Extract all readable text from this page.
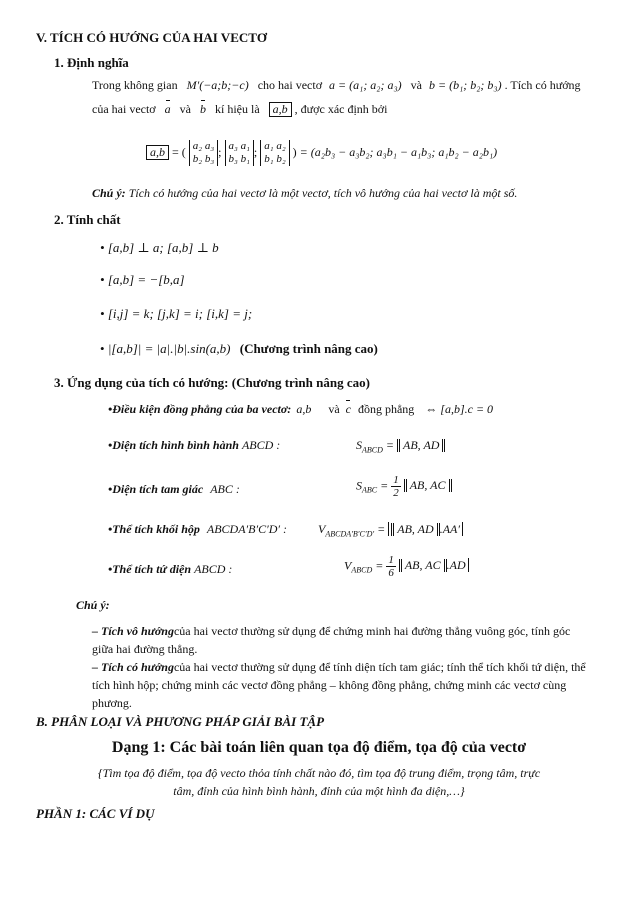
V. TÍCH CÓ HƯỚNG CỦA HAI VECTƠ
1. Định nghĩa
Trong không gian M′(−a;b;−c) cho hai vectơ a = (a₁; a₂; a₃) và b = (b₁; b₂; b₃) . Tích có hướng
của hai vectơ a và b kí hiệu là a,b , được xác định bởi
a,b = ( a₂ a₃
b₂ b₃; a₃ a₁
b₃ b₁; a₁ a₂
b₁ b₂ ) = (a₂b₃ − a₃b₂; a₃b₁ − a₁b₃; a₁b₂ − a₂b₁)
Chú ý: Tích có hướng của hai vectơ là một vectơ, tích vô hướng của hai vectơ là một số.
2. Tính chất
• [a,b] ⊥ a; [a,b] ⊥ b
• [a,b] = −[b,a]
• [i,j] = k; [j,k] = i; [i,k] = j;
• |[a,b]| = |a|.|b|.sin(a,b) (Chương trình nâng cao)
3. Ứng dụng của tích có hướng: (Chương trình nâng cao)
•Điều kiện đồng phẳng của ba vectơ: a,b và c đồng phẳng ⇔ [a,b].c = 0
•Diện tích hình bình hành ABCD :	$S_{ABCD}$ = AB, AD
•Diện tích tam giác ABC :	$S_{ABC} = \frac{1}{2}$ AB, AC
•Thể tích khối hộp ABCDA′B′C′D′ :	$V_{ABCDA'B'C'D'}$ = AB, AD .AA′
•Thể tích tứ diện ABCD :	$V_{ABCD} = \frac{1}{6}$ AB, AC .AD
Chú ý:
– Tích vô hướngcủa hai vectơ thường sử dụng để chứng minh hai đường thẳng vuông góc, tính góc giữa hai đường thẳng.
– Tích có hướngcủa hai vectơ thường sử dụng để tính diện tích tam giác; tính thể tích khối tứ diện, thể tích hình hộp; chứng minh các vectơ đồng phẳng – không đồng phẳng, chứng minh các vectơ cùng phương.
B. PHÂN LOẠI VÀ PHƯƠNG PHÁP GIẢI BÀI TẬP
Dạng 1: Các bài toán liên quan tọa độ điểm, tọa độ của vectơ
{Tìm tọa độ điểm, tọa độ vecto thỏa tính chất nào đó, tìm tọa độ trung điểm, trọng tâm, trực
tâm, đỉnh của hình bình hành, đỉnh của một hình đa diện,…}
PHẦN 1: CÁC VÍ DỤ
